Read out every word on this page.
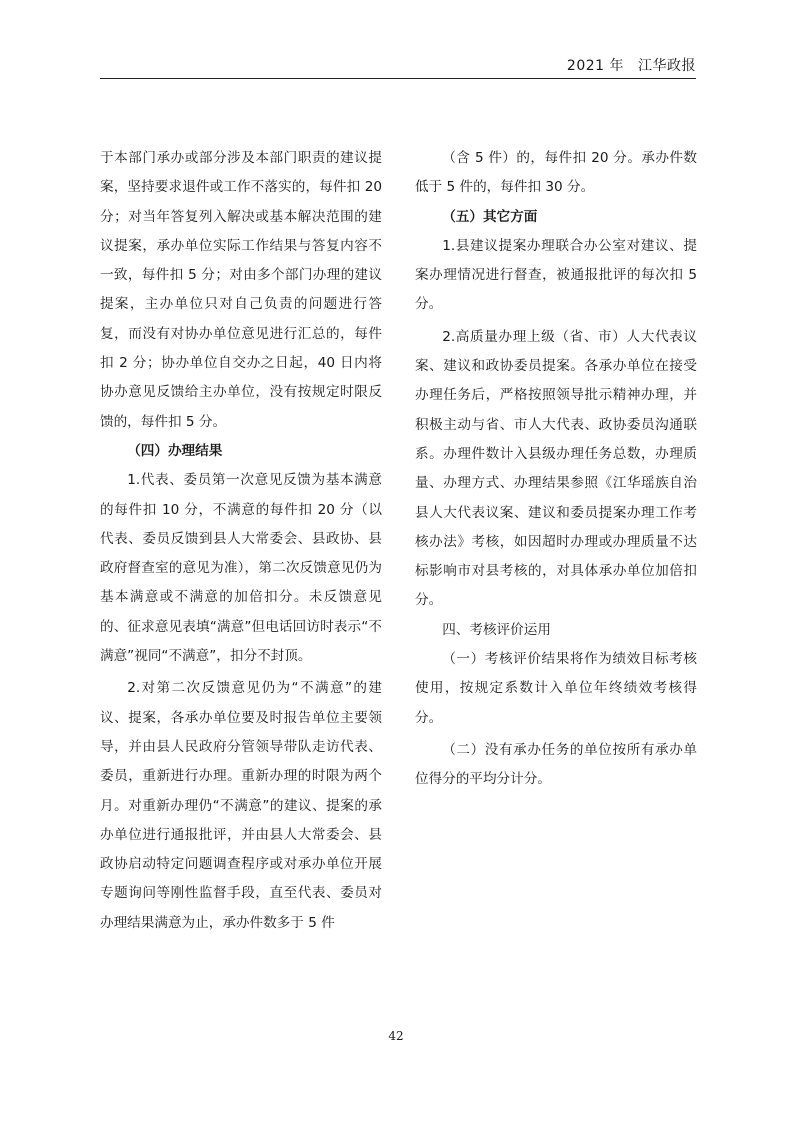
2021 年 江华政报

于本部门承办或部分涉及本部门职责的建议提案，坚持要求退件或工作不落实的，每件扣 20 分；对当年答复列入解决或基本解决范围的建议提案，承办单位实际工作结果与答复内容不一致，每件扣 5 分；对由多个部门办理的建议提案，主办单位只对自己负责的问题进行答复，而没有对协办单位意见进行汇总的，每件扣 2 分；协办单位自交办之日起，40 日内将协办意见反馈给主办单位，没有按规定时限反馈的，每件扣 5 分。

（四）办理结果

1.代表、委员第一次意见反馈为基本满意的每件扣 10 分，不满意的每件扣 20 分（以代表、委员反馈到县人大常委会、县政协、县政府督查室的意见为准），第二次反馈意见仍为基本满意或不满意的加倍扣分。未反馈意见的、征求意见表填“满意”但电话回访时表示“不满意”视同“不满意”，扣分不封顶。

2.对第二次反馈意见仍为“不满意”的建议、提案，各承办单位要及时报告单位主要领导，并由县人民政府分管领导带队走访代表、委员，重新进行办理。重新办理的时限为两个月。对重新办理仍“不满意”的建议、提案的承办单位进行通报批评，并由县人大常委会、县政协启动特定问题调查程序或对承办单位开展专题询问等刚性监督手段，直至代表、委员对办理结果满意为止，承办件数多于 5 件

（含 5 件）的，每件扣 20 分。承办件数低于 5 件的，每件扣 30 分。

（五）其它方面

1.县建议提案办理联合办公室对建议、提案办理情况进行督查，被通报批评的每次扣 5 分。

2.高质量办理上级（省、市）人大代表议案、建议和政协委员提案。各承办单位在接受办理任务后，严格按照领导批示精神办理，并积极主动与省、市人大代表、政协委员沟通联系。办理件数计入县级办理任务总数，办理质量、办理方式、办理结果参照《江华瑶族自治县人大代表议案、建议和委员提案办理工作考核办法》考核，如因超时办理或办理质量不达标影响市对县考核的，对具体承办单位加倍扣分。

四、考核评价运用

（一）考核评价结果将作为绩效目标考核使用，按规定系数计入单位年终绩效考核得分。

（二）没有承办任务的单位按所有承办单位得分的平均分计分。

42
